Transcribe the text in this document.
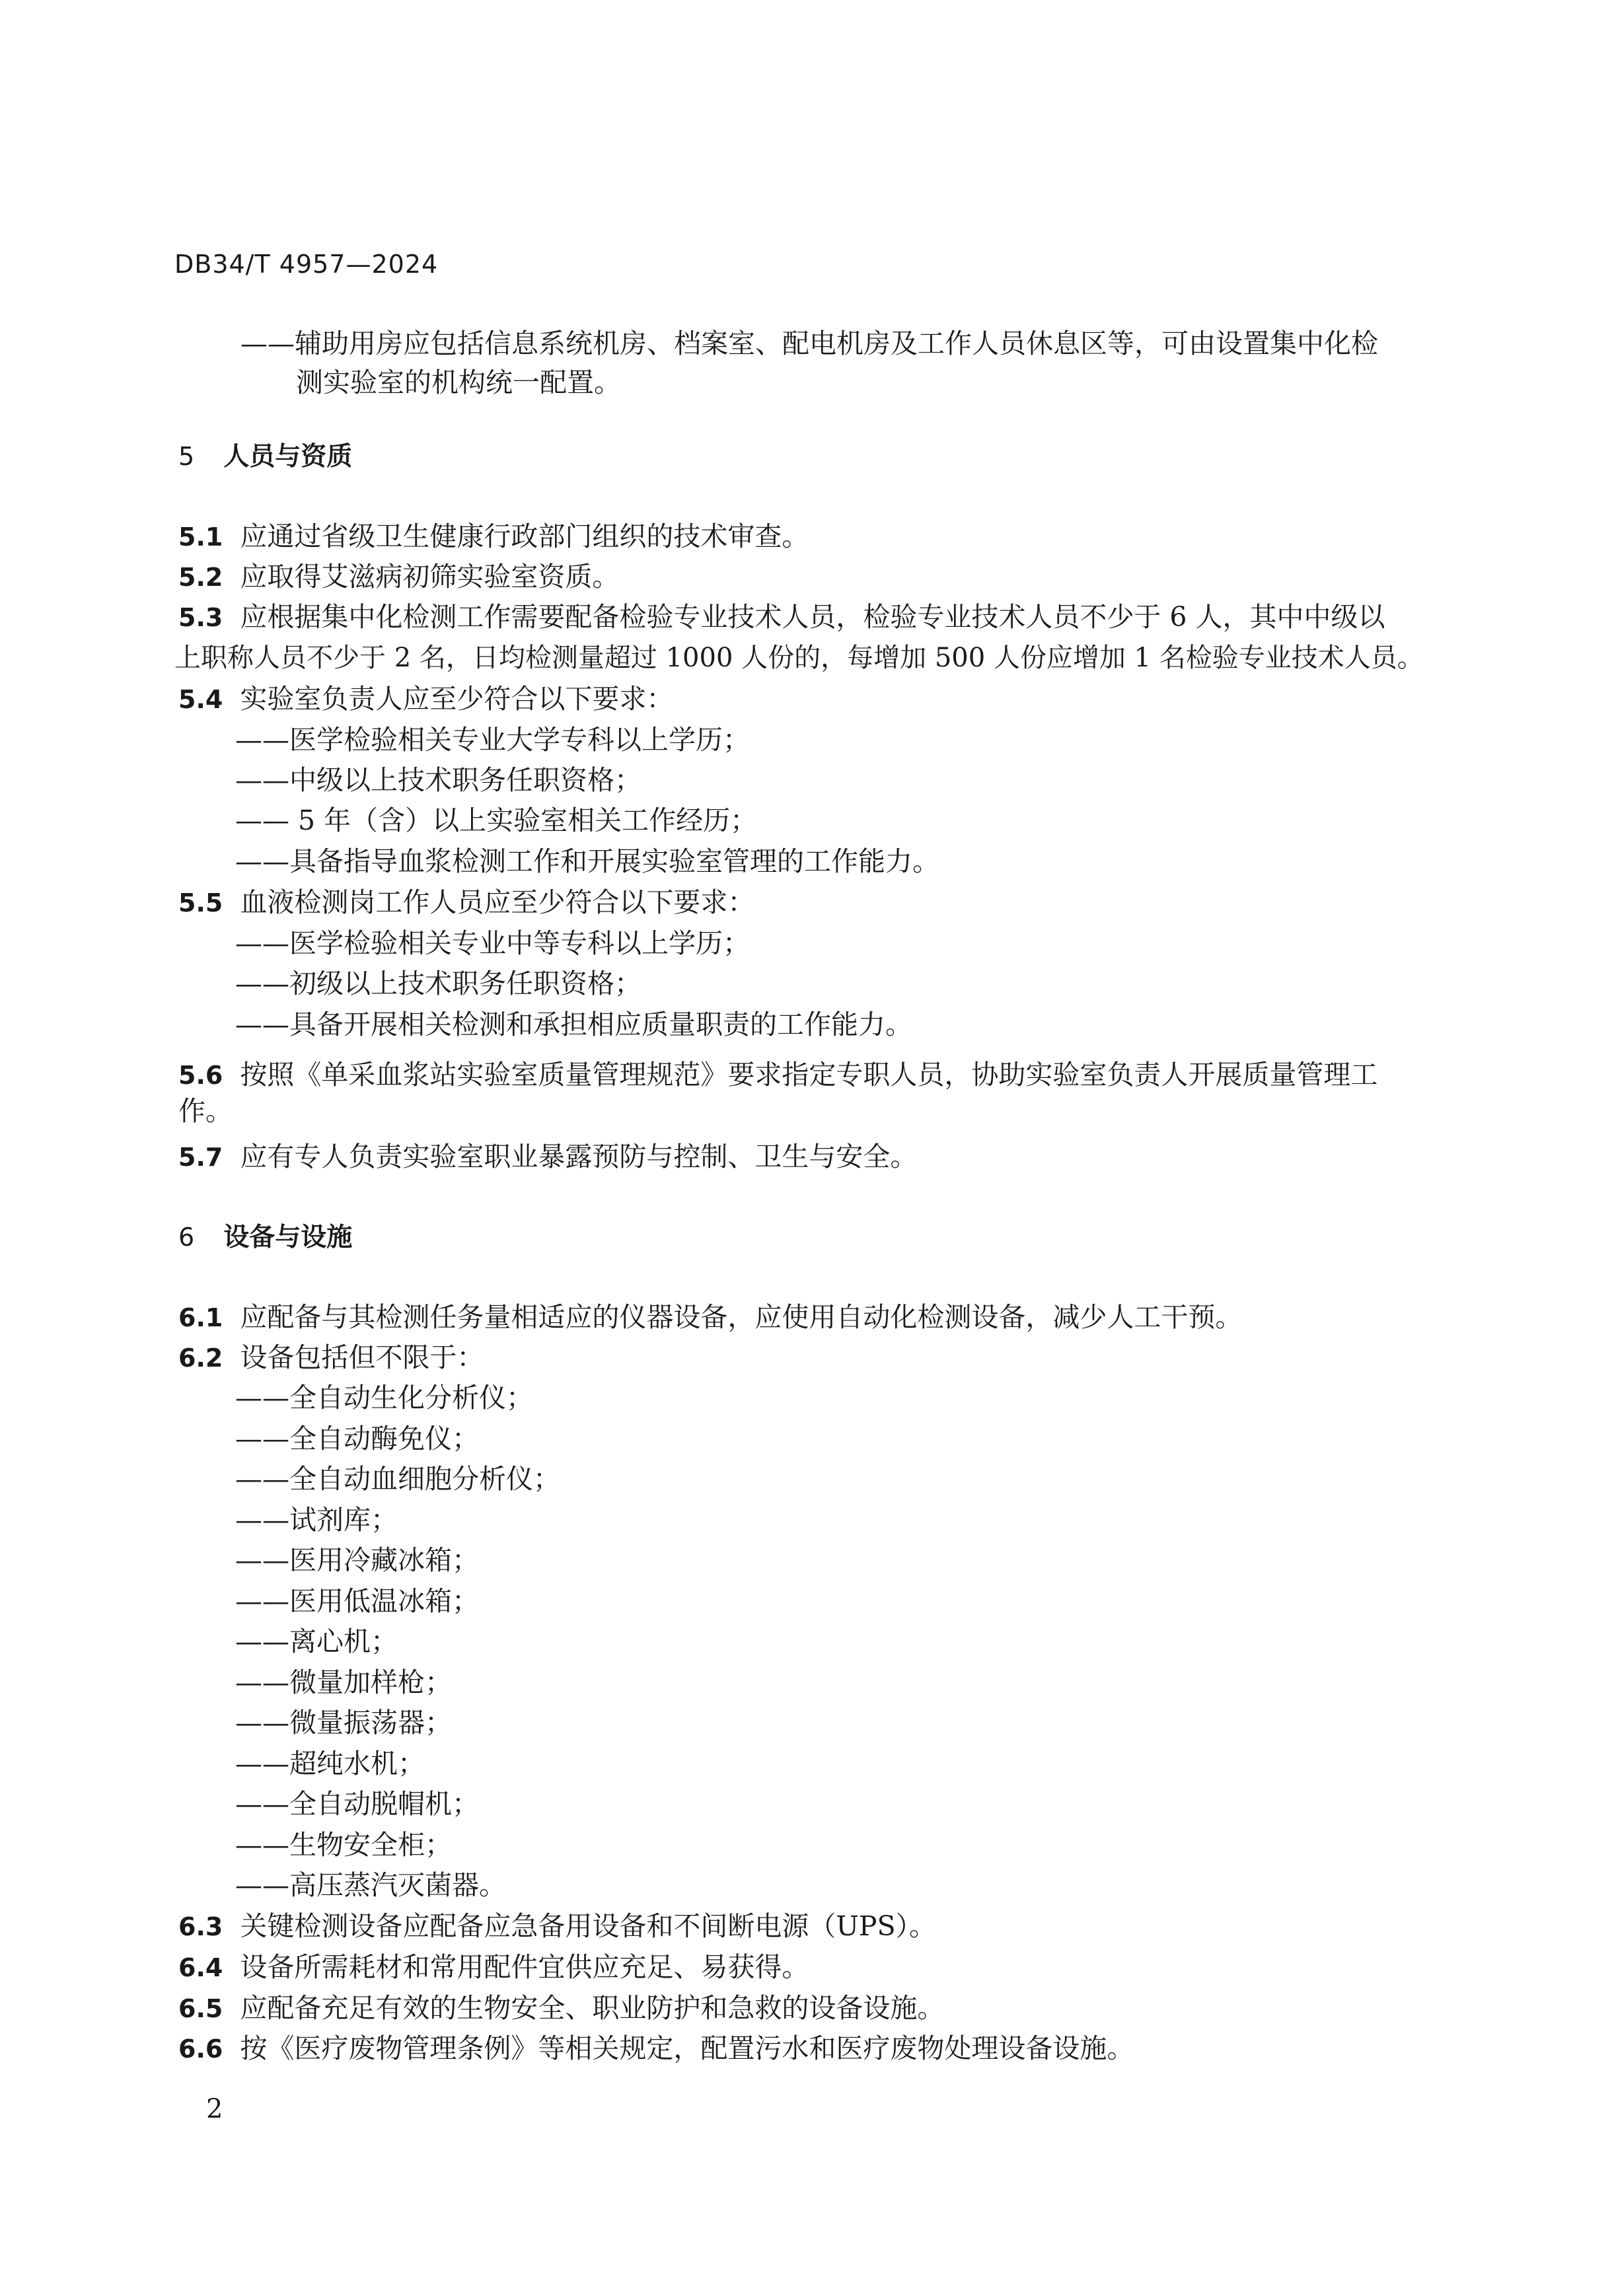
DB34/T 4957—2024
——辅助用房应包括信息系统机房、档案室、配电机房及工作人员休息区等，可由设置集中化检
测实验室的机构统一配置。
5 人员与资质
5.1 应通过省级卫生健康行政部门组织的技术审查。
5.2 应取得艾滋病初筛实验室资质。
5.3 应根据集中化检测工作需要配备检验专业技术人员，检验专业技术人员不少于 6 人，其中中级以
上职称人员不少于 2 名，日均检测量超过 1000 人份的，每增加 500 人份应增加 1 名检验专业技术人员。
5.4 实验室负责人应至少符合以下要求：
——医学检验相关专业大学专科以上学历；
——中级以上技术职务任职资格；
—— 5 年（含）以上实验室相关工作经历；
——具备指导血浆检测工作和开展实验室管理的工作能力。
5.5 血液检测岗工作人员应至少符合以下要求：
——医学检验相关专业中等专科以上学历；
——初级以上技术职务任职资格；
——具备开展相关检测和承担相应质量职责的工作能力。
5.6 按照《单采血浆站实验室质量管理规范》要求指定专职人员，协助实验室负责人开展质量管理工
作。
5.7 应有专人负责实验室职业暴露预防与控制、卫生与安全。
6 设备与设施
6.1 应配备与其检测任务量相适应的仪器设备，应使用自动化检测设备，减少人工干预。
6.2 设备包括但不限于：
——全自动生化分析仪；
——全自动酶免仪；
——全自动血细胞分析仪；
——试剂库；
——医用冷藏冰箱；
——医用低温冰箱；
——离心机；
——微量加样枪；
——微量振荡器；
——超纯水机；
——全自动脱帽机；
——生物安全柜；
——高压蒸汽灭菌器。
6.3 关键检测设备应配备应急备用设备和不间断电源（UPS）。
6.4 设备所需耗材和常用配件宜供应充足、易获得。
6.5 应配备充足有效的生物安全、职业防护和急救的设备设施。
6.6 按《医疗废物管理条例》等相关规定，配置污水和医疗废物处理设备设施。
2
